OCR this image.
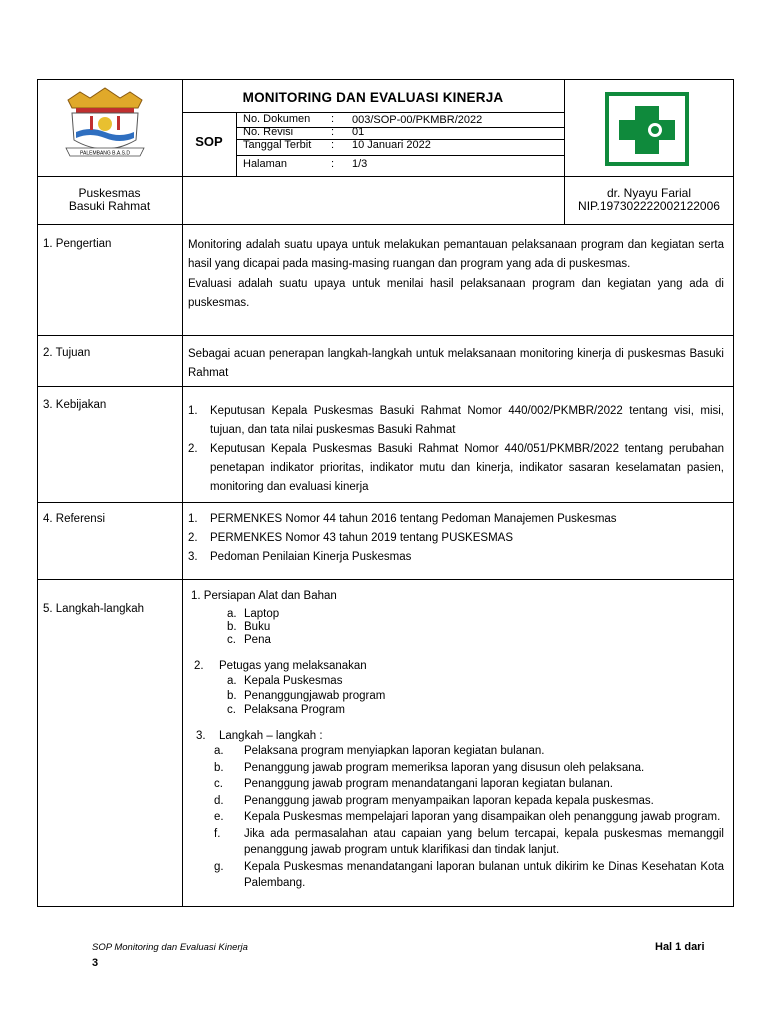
PALEMBANG B.A.S.D
MONITORING DAN EVALUASI KINERJA
SOP
No. Dokumen : 003/SOP-00/PKMBR/2022
No. Revisi	: 01
Tanggal Terbit : 10 Januari 2022
Halaman	: 1/3
Puskesmas
Basuki Rahmat
dr. Nyayu Farial
NIP.197302222002122006
1. Pengertian	Monitoring adalah suatu upaya untuk melakukan pemantauan pelaksanaan program dan kegiatan serta hasil yang dicapai pada masing-masing ruangan dan program yang ada di puskesmas.

Evaluasi adalah suatu upaya untuk menilai hasil pelaksanaan program dan kegiatan yang ada di puskesmas.

2. Tujuan	Sebagai acuan penerapan langkah-langkah untuk melaksanaan monitoring kinerja di puskesmas Basuki Rahmat

3. Kebijakan	1.	Keputusan Kepala Puskesmas Basuki Rahmat Nomor 440/002/PKMBR/2022 tentang visi, misi, tujuan, dan tata nilai puskesmas Basuki Rahmat
2.	Keputusan Kepala Puskesmas Basuki Rahmat Nomor 440/051/PKMBR/2022 tentang perubahan penetapan indikator prioritas, indikator mutu dan kinerja, indikator sasaran keselamatan pasien, monitoring dan evaluasi kinerja
4. Referensi	1.	PERMENKES Nomor 44 tahun 2016 tentang Pedoman Manajemen Puskesmas
2.	PERMENKES Nomor 43 tahun 2019 tentang PUSKESMAS
3.	Pedoman Penilaian Kinerja Puskesmas
5. Langkah-langkah
1. Persiapan Alat dan Bahan
a. Laptop
b. Buku
c. Pena
2.	Petugas yang melaksanakan
a. Kepala Puskesmas
b. Penanggungjawab program
c. Pelaksana Program
3.	Langkah – langkah :
a.	Pelaksana program menyiapkan laporan kegiatan bulanan.
b.	Penanggung jawab program memeriksa laporan yang disusun oleh pelaksana.
c.	Penanggung jawab program menandatangani laporan kegiatan bulanan.
d.	Penanggung jawab program menyampaikan laporan kepada kepala puskesmas.
e.	Kepala Puskesmas mempelajari laporan yang disampaikan oleh penanggung jawab program.
f.	Jika ada permasalahan atau capaian yang belum tercapai, kepala puskesmas memanggil penanggung jawab program untuk klarifikasi dan tindak lanjut.
g.	Kepala Puskesmas menandatangani laporan bulanan untuk dikirim ke Dinas Kesehatan Kota Palembang.
SOP Monitoring dan Evaluasi Kinerja	Hal 1 dari
3
